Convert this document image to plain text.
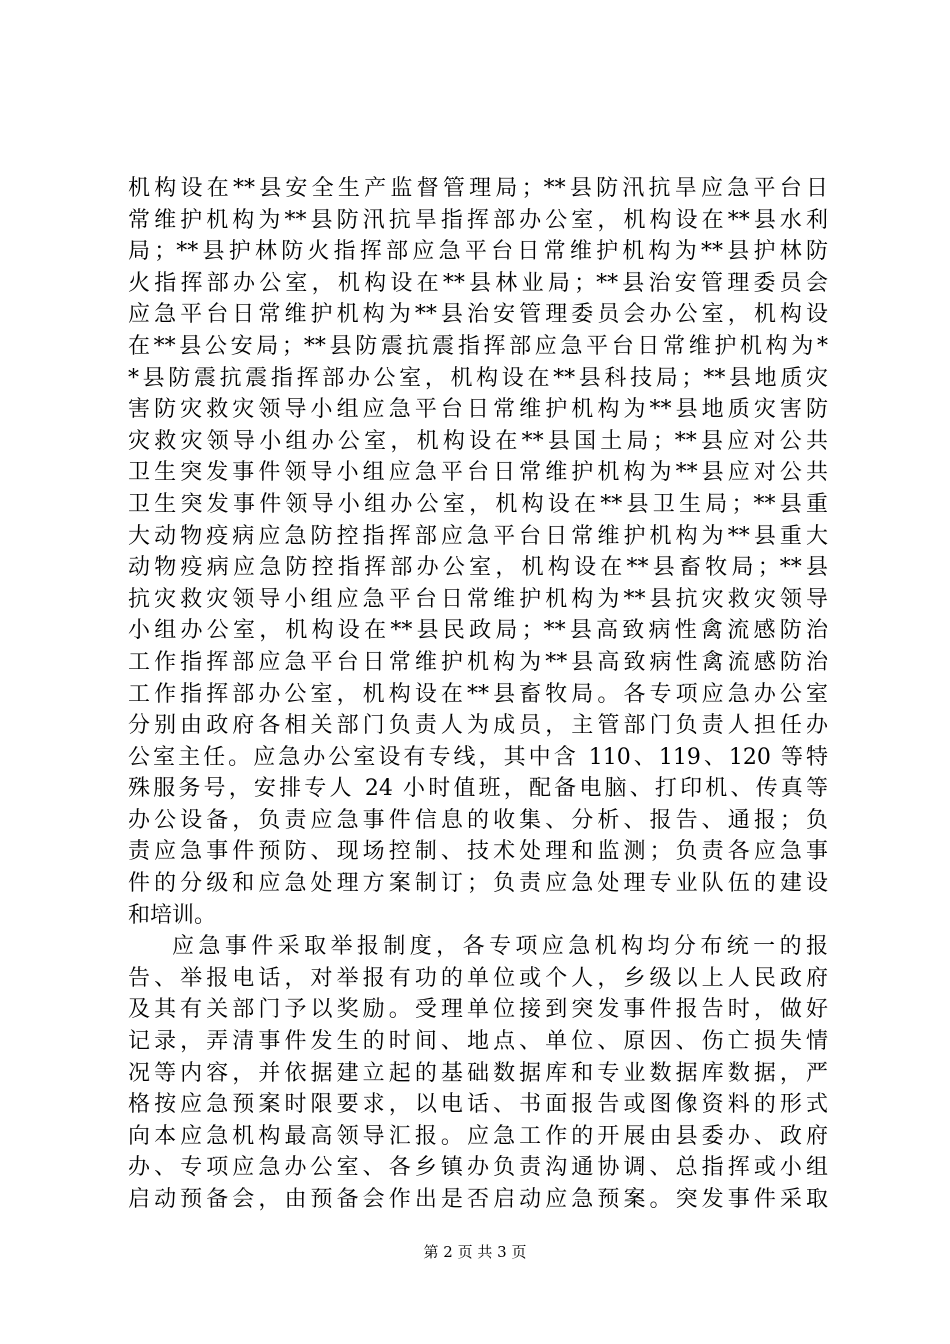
机构设在**县安全生产监督管理局；**县防汛抗旱应急平台日
常维护机构为**县防汛抗旱指挥部办公室，机构设在**县水利
局；**县护林防火指挥部应急平台日常维护机构为**县护林防
火指挥部办公室，机构设在**县林业局；**县治安管理委员会
应急平台日常维护机构为**县治安管理委员会办公室，机构设
在**县公安局；**县防震抗震指挥部应急平台日常维护机构为*
*县防震抗震指挥部办公室，机构设在**县科技局；**县地质灾
害防灾救灾领导小组应急平台日常维护机构为**县地质灾害防
灾救灾领导小组办公室，机构设在**县国土局；**县应对公共
卫生突发事件领导小组应急平台日常维护机构为**县应对公共
卫生突发事件领导小组办公室，机构设在**县卫生局；**县重
大动物疫病应急防控指挥部应急平台日常维护机构为**县重大
动物疫病应急防控指挥部办公室，机构设在**县畜牧局；**县
抗灾救灾领导小组应急平台日常维护机构为**县抗灾救灾领导
小组办公室，机构设在**县民政局；**县高致病性禽流感防治
工作指挥部应急平台日常维护机构为**县高致病性禽流感防治
工作指挥部办公室，机构设在**县畜牧局。各专项应急办公室
分别由政府各相关部门负责人为成员，主管部门负责人担任办
公室主任。应急办公室设有专线，其中含 110、119、120 等特
殊服务号，安排专人 24 小时值班，配备电脑、打印机、传真等
办公设备，负责应急事件信息的收集、分析、报告、通报；负
责应急事件预防、现场控制、技术处理和监测；负责各应急事
件的分级和应急处理方案制订；负责应急处理专业队伍的建设
和培训。
应急事件采取举报制度，各专项应急机构均分布统一的报
告、举报电话，对举报有功的单位或个人，乡级以上人民政府
及其有关部门予以奖励。受理单位接到突发事件报告时，做好
记录，弄清事件发生的时间、地点、单位、原因、伤亡损失情
况等内容，并依据建立起的基础数据库和专业数据库数据，严
格按应急预案时限要求，以电话、书面报告或图像资料的形式
向本应急机构最高领导汇报。应急工作的开展由县委办、政府
办、专项应急办公室、各乡镇办负责沟通协调、总指挥或小组
启动预备会，由预备会作出是否启动应急预案。突发事件采取
第 2 页 共 3 页
